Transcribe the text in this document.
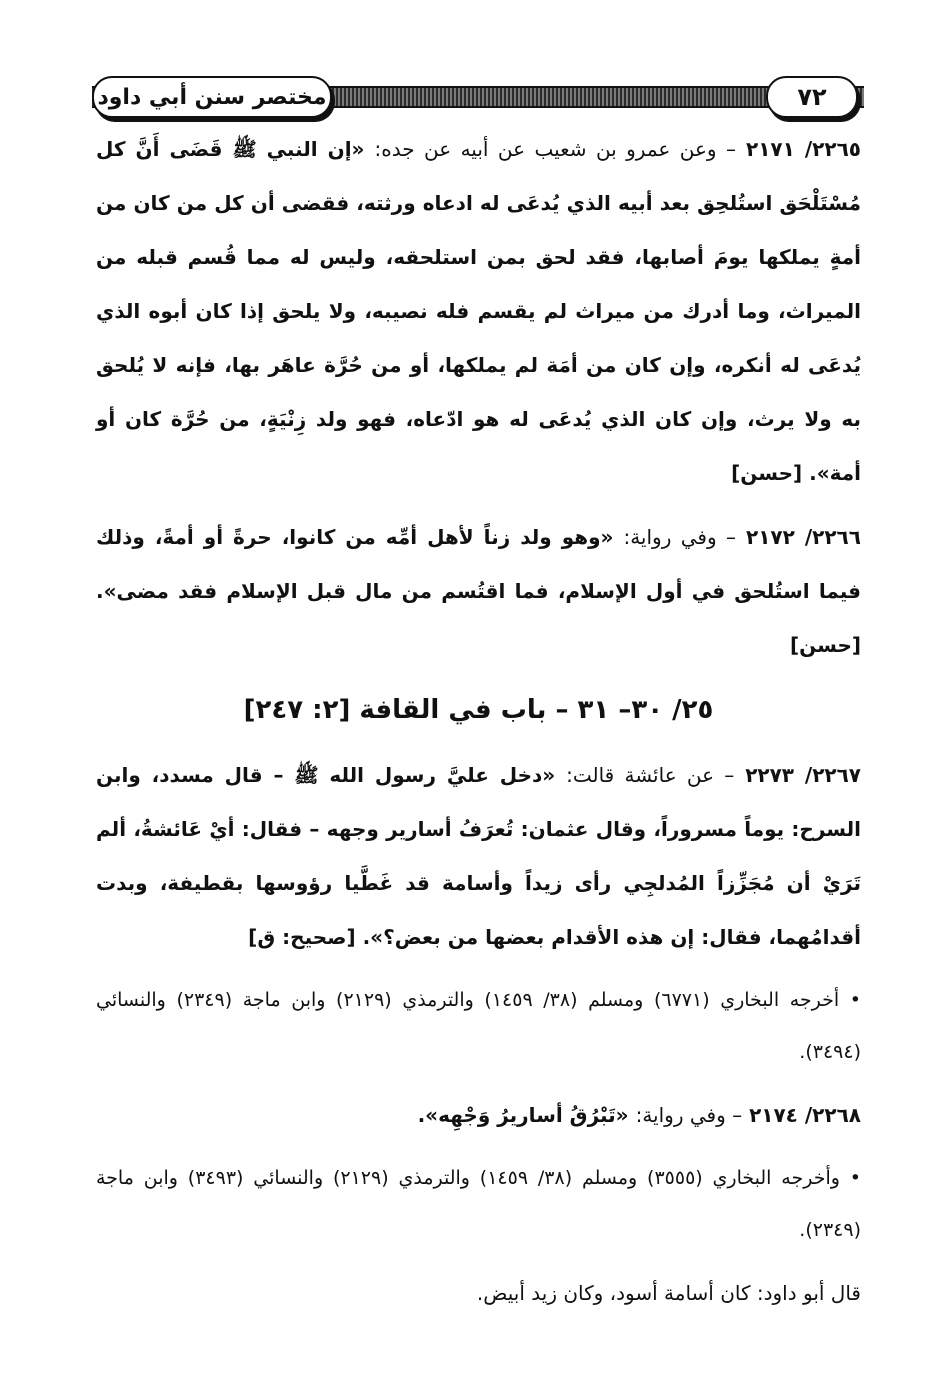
مختصر سنن أبي داود	٧٢

٢٢٦٥/ ٢١٧١ – وعن عمرو بن شعيب عن أبيه عن جده: «إن النبي ﷺ قَضَى أَنَّ كل مُسْتَلْحَق استُلحِق بعد أبيه الذي يُدعَى له ادعاه ورثته، فقضى أن كل من كان من أمةٍ يملكها يومَ أصابها، فقد لحق بمن استلحقه، وليس له مما قُسم قبله من الميراث، وما أدرك من ميراث لم يقسم فله نصيبه، ولا يلحق إذا كان أبوه الذي يُدعَى له أنكره، وإن كان من أمَة لم يملكها، أو من حُرَّة عاهَر بها، فإنه لا يُلحق به ولا يرث، وإن كان الذي يُدعَى له هو ادّعاه، فهو ولد زِنْيَةٍ، من حُرَّة كان أو أمة». [حسن]

٢٢٦٦/ ٢١٧٢ – وفي رواية: «وهو ولد زناً لأهل أمِّه من كانوا، حرةً أو أمةً، وذلك فيما استُلحق في أول الإسلام، فما اقتُسم من مال قبل الإسلام فقد مضى». [حسن]

٢٥/ ٣٠– ٣١ – باب في القافة [٢: ٢٤٧]

٢٢٦٧/ ٢٢٧٣ – عن عائشة قالت: «دخل عليَّ رسول الله ﷺ – قال مسدد، وابن السرح: يوماً مسروراً، وقال عثمان: تُعرَفُ أسارير وجهه – فقال: أيْ عَائشةُ، ألم تَرَيْ أن مُجَزِّزاً المُدلجِي رأى زيداً وأسامة قد غَطَّيا رؤوسها بقطيفة، وبدت أقدامُهما، فقال: إن هذه الأقدام بعضها من بعض؟». [صحيح: ق]

• أخرجه البخاري (٦٧٧١) ومسلم (٣٨/ ١٤٥٩) والترمذي (٢١٢٩) وابن ماجة (٢٣٤٩) والنسائي (٣٤٩٤).

٢٢٦٨/ ٢١٧٤ – وفي رواية: «تَبْرُقُ أساريرُ وَجْهِه».

• وأخرجه البخاري (٣٥٥٥) ومسلم (٣٨/ ١٤٥٩) والترمذي (٢١٢٩) والنسائي (٣٤٩٣) وابن ماجة (٢٣٤٩).

قال أبو داود: كان أسامة أسود، وكان زيد أبيض.
